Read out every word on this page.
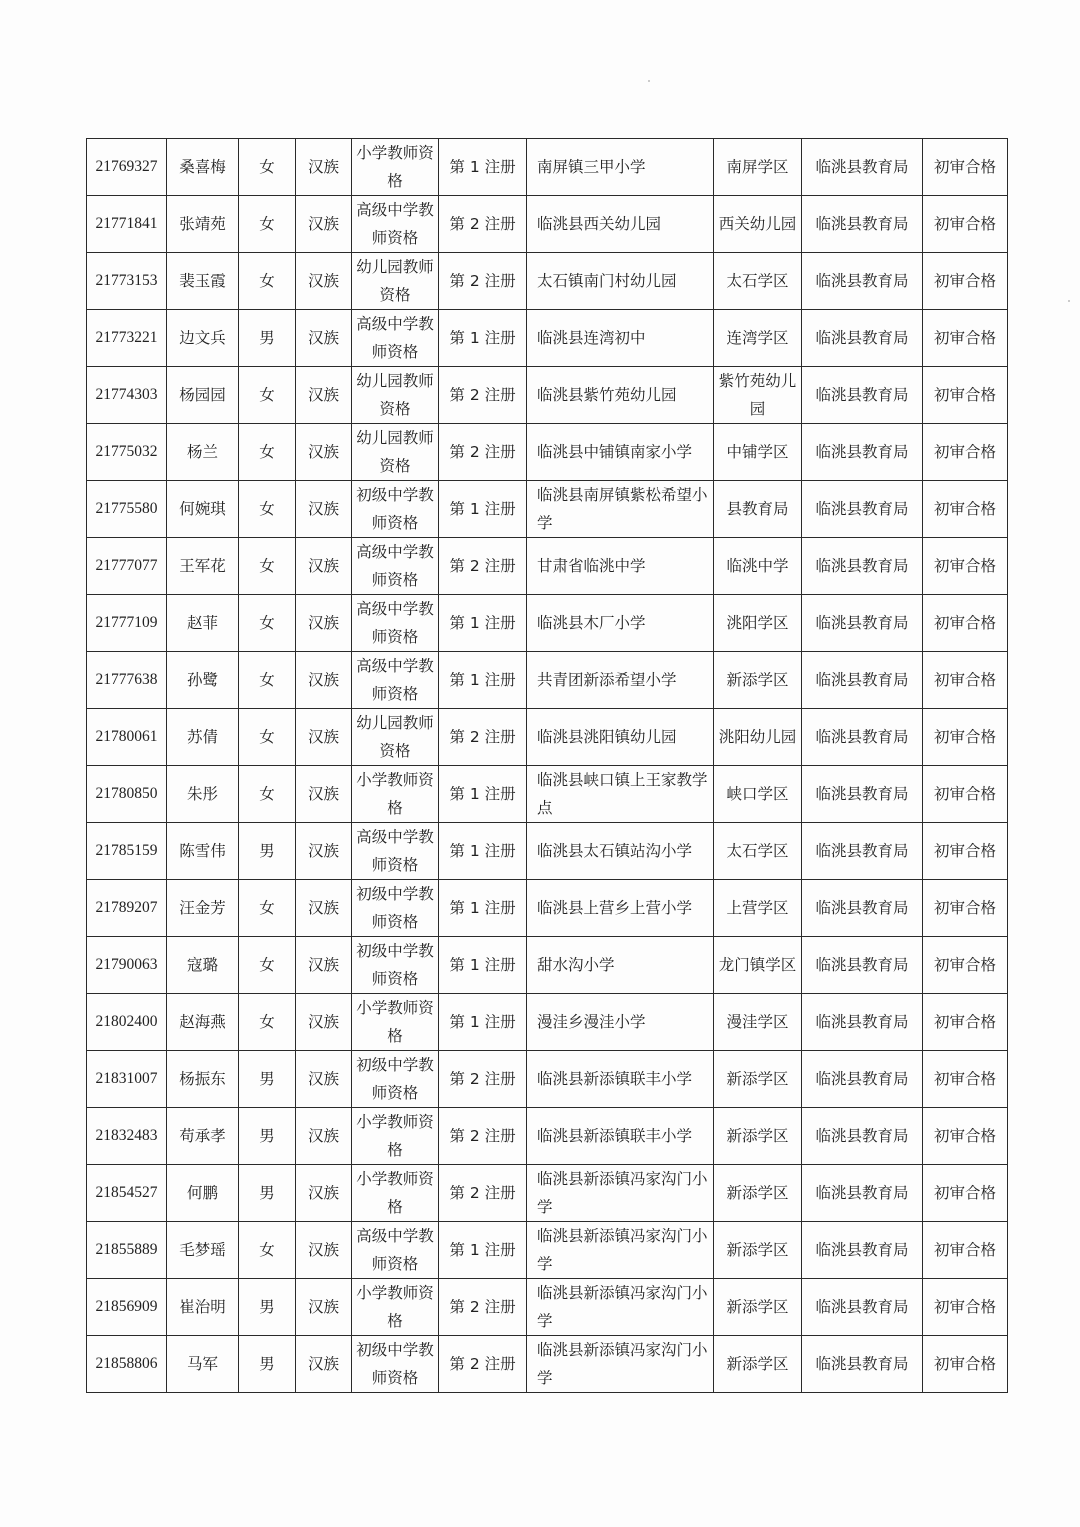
21769327	桑喜梅	女	汉族	小学教师资格	第 1 注册	南屏镇三甲小学	南屏学区	临洮县教育局	初审合格
21771841	张靖苑	女	汉族	高级中学教师资格	第 2 注册	临洮县西关幼儿园	西关幼儿园	临洮县教育局	初审合格
21773153	裴玉霞	女	汉族	幼儿园教师资格	第 2 注册	太石镇南门村幼儿园	太石学区	临洮县教育局	初审合格
21773221	边文兵	男	汉族	高级中学教师资格	第 1 注册	临洮县连湾初中	连湾学区	临洮县教育局	初审合格
21774303	杨园园	女	汉族	幼儿园教师资格	第 2 注册	临洮县紫竹苑幼儿园	紫竹苑幼儿园	临洮县教育局	初审合格
21775032	杨兰	女	汉族	幼儿园教师资格	第 2 注册	临洮县中铺镇南家小学	中铺学区	临洮县教育局	初审合格
21775580	何婉琪	女	汉族	初级中学教师资格	第 1 注册	临洮县南屏镇紫松希望小学	县教育局	临洮县教育局	初审合格
21777077	王军花	女	汉族	高级中学教师资格	第 2 注册	甘肃省临洮中学	临洮中学	临洮县教育局	初审合格
21777109	赵菲	女	汉族	高级中学教师资格	第 1 注册	临洮县木厂小学	洮阳学区	临洮县教育局	初审合格
21777638	孙鹭	女	汉族	高级中学教师资格	第 1 注册	共青团新添希望小学	新添学区	临洮县教育局	初审合格
21780061	苏倩	女	汉族	幼儿园教师资格	第 2 注册	临洮县洮阳镇幼儿园	洮阳幼儿园	临洮县教育局	初审合格
21780850	朱彤	女	汉族	小学教师资格	第 1 注册	临洮县峡口镇上王家教学点	峡口学区	临洮县教育局	初审合格
21785159	陈雪伟	男	汉族	高级中学教师资格	第 1 注册	临洮县太石镇站沟小学	太石学区	临洮县教育局	初审合格
21789207	汪金芳	女	汉族	初级中学教师资格	第 1 注册	临洮县上营乡上营小学	上营学区	临洮县教育局	初审合格
21790063	寇璐	女	汉族	初级中学教师资格	第 1 注册	甜水沟小学	龙门镇学区	临洮县教育局	初审合格
21802400	赵海燕	女	汉族	小学教师资格	第 1 注册	漫洼乡漫洼小学	漫洼学区	临洮县教育局	初审合格
21831007	杨振东	男	汉族	初级中学教师资格	第 2 注册	临洮县新添镇联丰小学	新添学区	临洮县教育局	初审合格
21832483	苟承孝	男	汉族	小学教师资格	第 2 注册	临洮县新添镇联丰小学	新添学区	临洮县教育局	初审合格
21854527	何鹏	男	汉族	小学教师资格	第 2 注册	临洮县新添镇冯家沟门小学	新添学区	临洮县教育局	初审合格
21855889	毛梦瑶	女	汉族	高级中学教师资格	第 1 注册	临洮县新添镇冯家沟门小学	新添学区	临洮县教育局	初审合格
21856909	崔治明	男	汉族	小学教师资格	第 2 注册	临洮县新添镇冯家沟门小学	新添学区	临洮县教育局	初审合格
21858806	马军	男	汉族	初级中学教师资格	第 2 注册	临洮县新添镇冯家沟门小学	新添学区	临洮县教育局	初审合格
